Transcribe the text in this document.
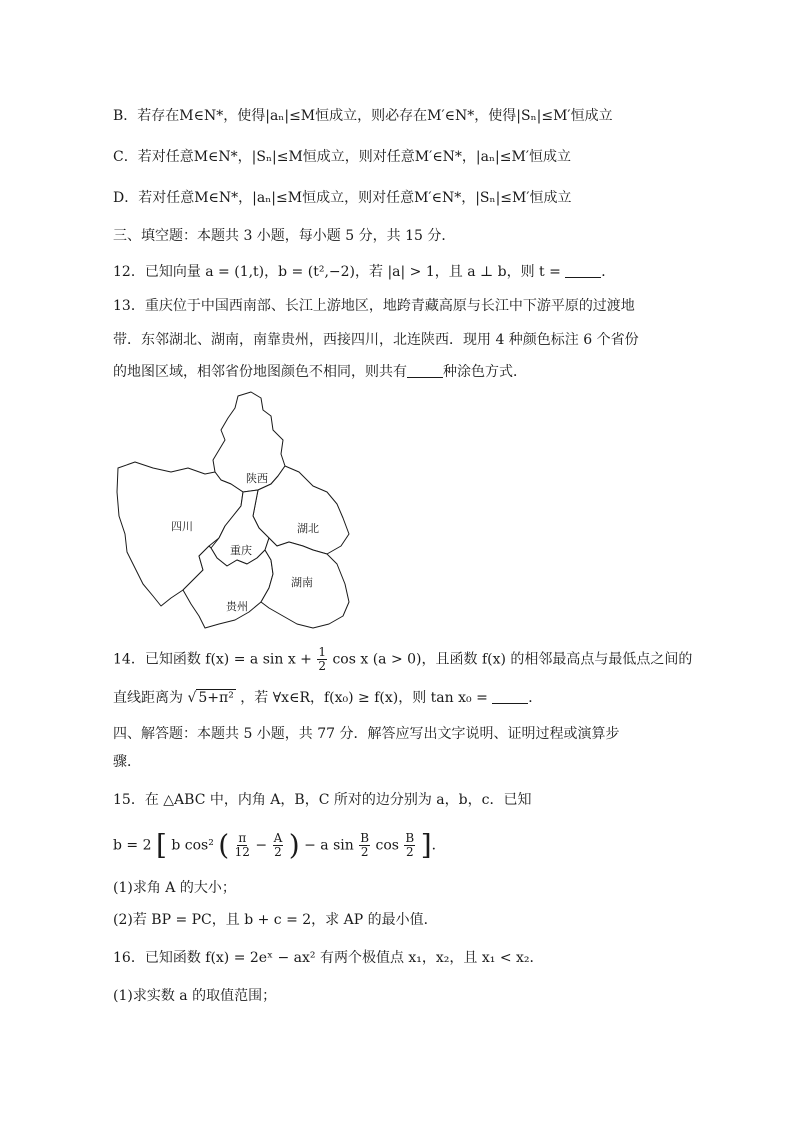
B．若存在M∈N*，使得|aₙ|≤M恒成立，则必存在M′∈N*，使得|Sₙ|≤M′恒成立
C．若对任意M∈N*，|Sₙ|≤M恒成立，则对任意M′∈N*，|aₙ|≤M′恒成立
D．若对任意M∈N*，|aₙ|≤M恒成立，则对任意M′∈N*，|Sₙ|≤M′恒成立
三、填空题：本题共 3 小题，每小题 5 分，共 15 分．
12．已知向量 a = (1,t)，b = (t²,−2)，若 |a| > 1，且 a ⊥ b，则 t =	．
13．重庆位于中国西南部、长江上游地区，地跨青藏高原与长江中下游平原的过渡地
带．东邻湖北、湖南，南靠贵州，西接四川，北连陕西．现用 4 种颜色标注 6 个省份
的地图区域，相邻省份地图颜色不相同，则共有	种涂色方式．
陕西
四川	湖北
重庆
贵州
湖南
14．已知函数 f(x) = a $\sin x + \frac{1}{2}$ cos x (a > 0)，且函数 f(x) 的相邻最高点与最低点之间的
直线距离为 √ 5+π² ，若 ∀x∈R，f(x₀) ≥ f(x)，则 tan x₀ =	．
四、解答题：本题共 5 小题，共 77 分．解答应写出文字说明、证明过程或演算步
骤．
15．在 △ABC 中，内角 A，B，C 所对的边分别为 a，b，c．已知
b = 2 [ b cos² ( $\frac{\pi}{12} - \frac{A}{2}$ ) − a $\sin \frac{B}{2}$ $\cos \frac{B}{2}$ ]．
(1)求角 A 的大小；
(2)若 BP = PC，且 b + c = 2，求 AP 的最小值．
16．已知函数 f(x) = 2eˣ − ax² 有两个极值点 x₁，x₂，且 x₁ < x₂．
(1)求实数 a 的取值范围；
